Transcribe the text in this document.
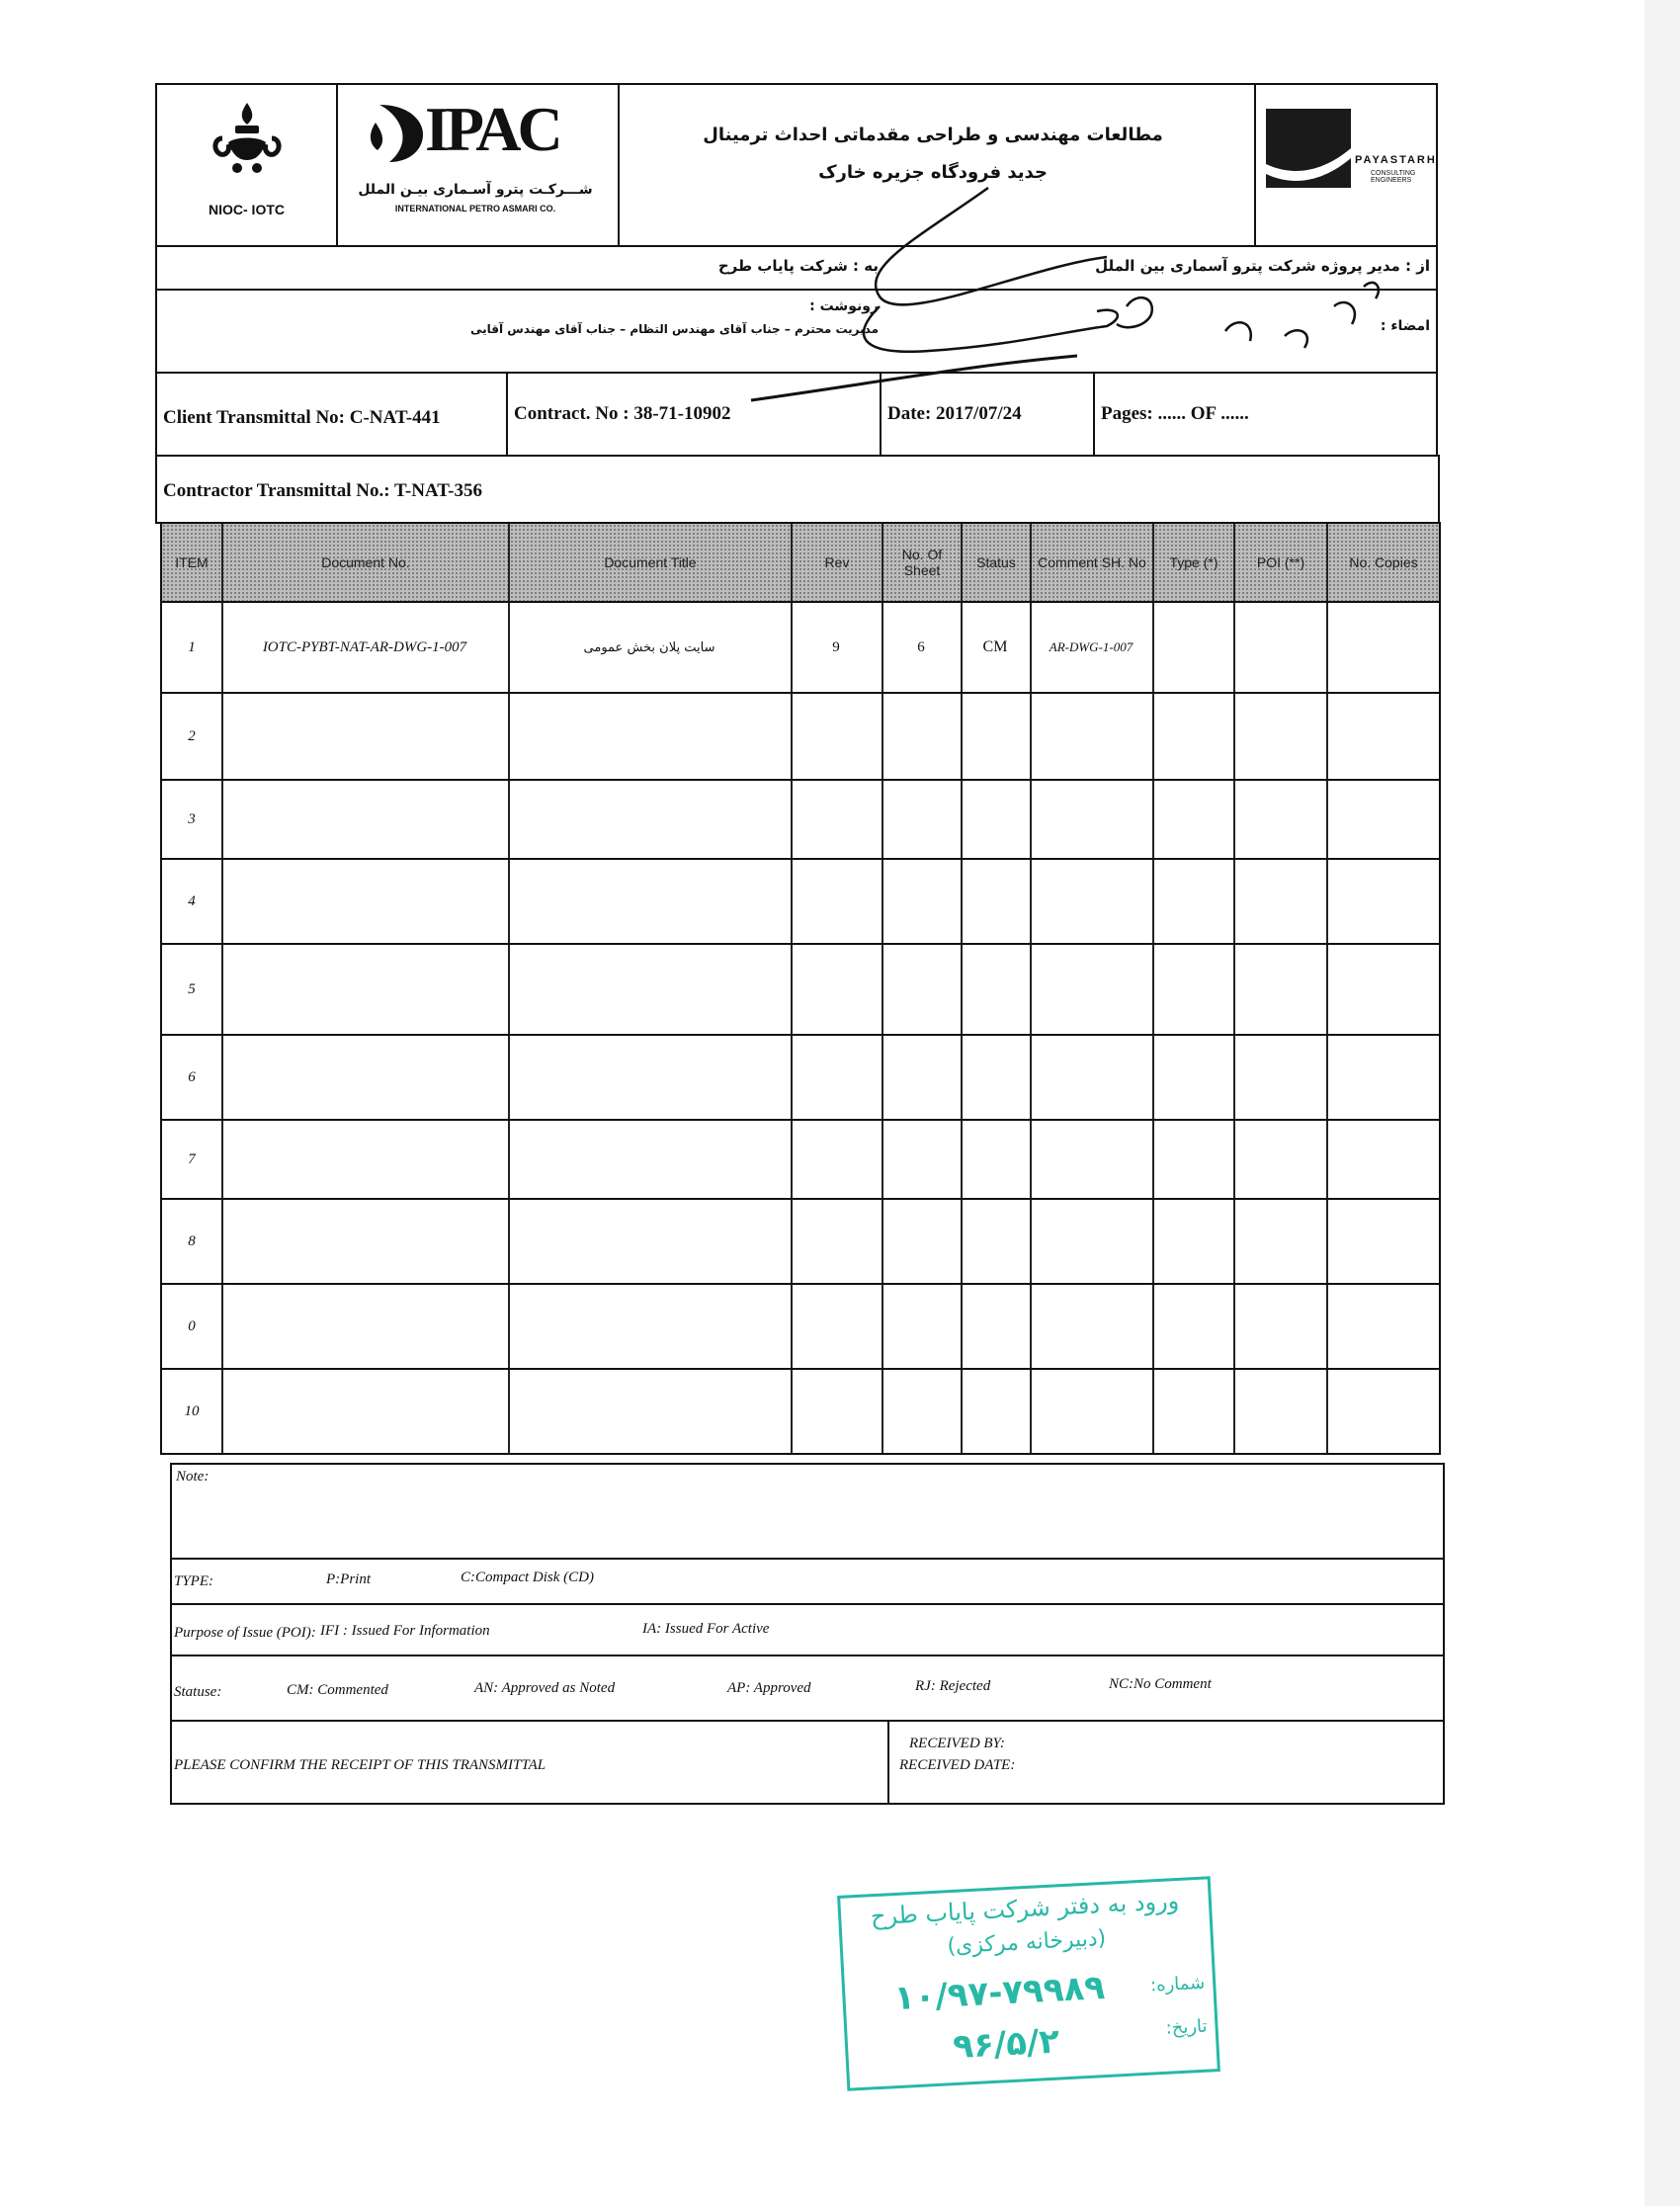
NIOC- IOTC
IPAC
شـــرکـت پترو آسـماری بیـن الملل
INTERNATIONAL PETRO ASMARI CO.
مطالعات مهندسی و طراحی مقدماتی احداث ترمینال
جدید فرودگاه جزیره خارک
PAYASTARH
CONSULTING ENGINEERS
به : شرکت پایاب طرح	از : مدیر پروژه شرکت پترو آسماری بین الملل
رونوشت :
مدیریت محترم – جناب آقای مهندس التظام – جناب آقای مهندس آقایی	امضاء :
Client Transmittal No: C-NAT-441	Contract. No : 38-71-10902	Date: 2017/07/24	Pages: ...... OF ......
Contractor Transmittal No.: T-NAT-356
ITEM	Document No.	Document Title	Rev	No. Of Sheet	Status	Comment SH. No	Type (*)	POI (**)	No. Copies
1	IOTC-PYBT-NAT-AR-DWG-1-007	سایت پلان بخش عمومی	9	6	CM	AR-DWG-1-007
2
3
4
5
6
7
8
0
10
Note:
TYPE:	P:Print	C:Compact Disk (CD)
Purpose of Issue (POI): IFI : Issued For Information	IA: Issued For Active
Statuse:	CM: Commented	AN: Approved as Noted	AP: Approved	RJ: Rejected	NC:No Comment
PLEASE CONFIRM THE RECEIPT OF THIS TRANSMITTAL
RECEIVED BY:
RECEIVED DATE:
ورود به دفتر شرکت پایاب طرح
(دبیرخانه مرکزی)
شماره:
۱۰/۹۷-۷۹۹۸۹
تاریخ:
۹۶/۵/۲
